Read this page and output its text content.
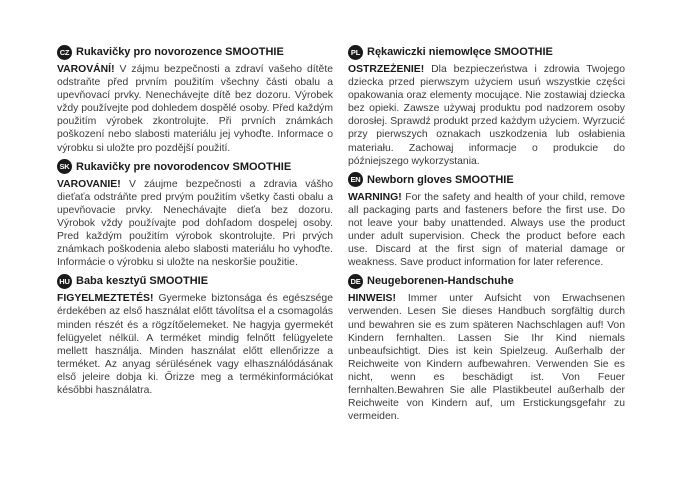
CZ Rukavičky pro novorozence SMOOTHIE

VAROVÁNÍ! V zájmu bezpečnosti a zdraví vašeho dítěte odstraňte před prvním použitím všechny části obalu a upevňovací prvky. Nenechávejte dítě bez dozoru. Výrobek vždy používejte pod dohledem dospělé osoby. Před každým použitím výrobek zkontrolujte. Při prvních známkách poškození nebo slabosti materiálu jej vyhoďte. Informace o výrobku si uložte pro pozdější použití.

SK Rukavičky pre novorodencov SMOOTHIE

VAROVANIE! V záujme bezpečnosti a zdravia vášho dieťaťa odstráňte pred prvým použitím všetky časti obalu a upevňovacie prvky. Nenechávajte dieťa bez dozoru. Výrobok vždy používajte pod dohľadom dospelej osoby. Pred každým použitím výrobok skontrolujte. Pri prvých známkach poškodenia alebo slabosti materiálu ho vyhoďte. Informácie o výrobku si uložte na neskoršie použitie.

HU Baba kesztyű SMOOTHIE

FIGYELMEZTETÉS! Gyermeke biztonsága és egészsége érdekében az első használat előtt távolítsa el a csomagolás minden részét és a rögzítőelemeket. Ne hagyja gyermekét felügyelet nélkül. A terméket mindig felnőtt felügyelete mellett használja. Minden használat előtt ellenőrizze a terméket. Az anyag sérülésének vagy elhasználódásának első jeleire dobja ki. Őrizze meg a termékinformációkat későbbi használatra.

PL Rękawiczki niemowlęce SMOOTHIE

OSTRZEŻENIE! Dla bezpieczeństwa i zdrowia Twojego dziecka przed pierwszym użyciem usuń wszystkie części opakowania oraz elementy mocujące. Nie zostawiaj dziecka bez opieki. Zawsze używaj produktu pod nadzorem osoby dorosłej. Sprawdź produkt przed każdym użyciem. Wyrzucić przy pierwszych oznakach uszkodzenia lub osłabienia materiału. Zachowaj informacje o produkcie do późniejszego wykorzystania.

EN Newborn gloves SMOOTHIE

WARNING! For the safety and health of your child, remove all packaging parts and fasteners before the first use. Do not leave your baby unattended. Always use the product under adult supervision. Check the product before each use. Discard at the first sign of material damage or weakness. Save product information for later reference.

DE Neugeborenen-Handschuhe

HINWEIS! Immer unter Aufsicht von Erwachsenen verwenden. Lesen Sie dieses Handbuch sorgfältig durch und bewahren sie es zum späteren Nachschlagen auf! Von Kindern fernhalten. Lassen Sie Ihr Kind niemals unbeaufsichtigt. Dies ist kein Spielzeug. Außerhalb der Reichweite von Kindern aufbewahren. Verwenden Sie es nicht, wenn es beschädigt ist. Von Feuer fernhalten.Bewahren Sie alle Plastikbeutel außerhalb der Reichweite von Kindern auf, um Erstickungsgefahr zu vermeiden.
